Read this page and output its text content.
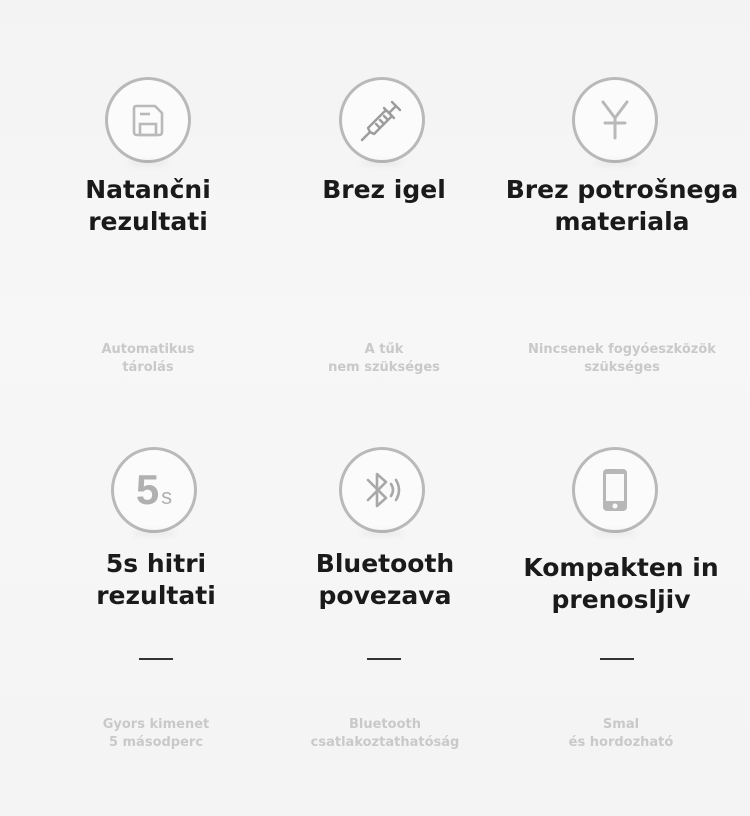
Natančni
rezultati
Automatikus
tárolás
Brez igel
A tűk
nem szükséges
Brez potrošnega
materiala
Nincsenek fogyóeszközök
szükséges
5 s
5s hitri
rezultati
Gyors kimenet
5 másodperc
Bluetooth
povezava
Bluetooth
csatlakoztathatóság
Kompakten in
prenosljiv
Smal
és hordozható
